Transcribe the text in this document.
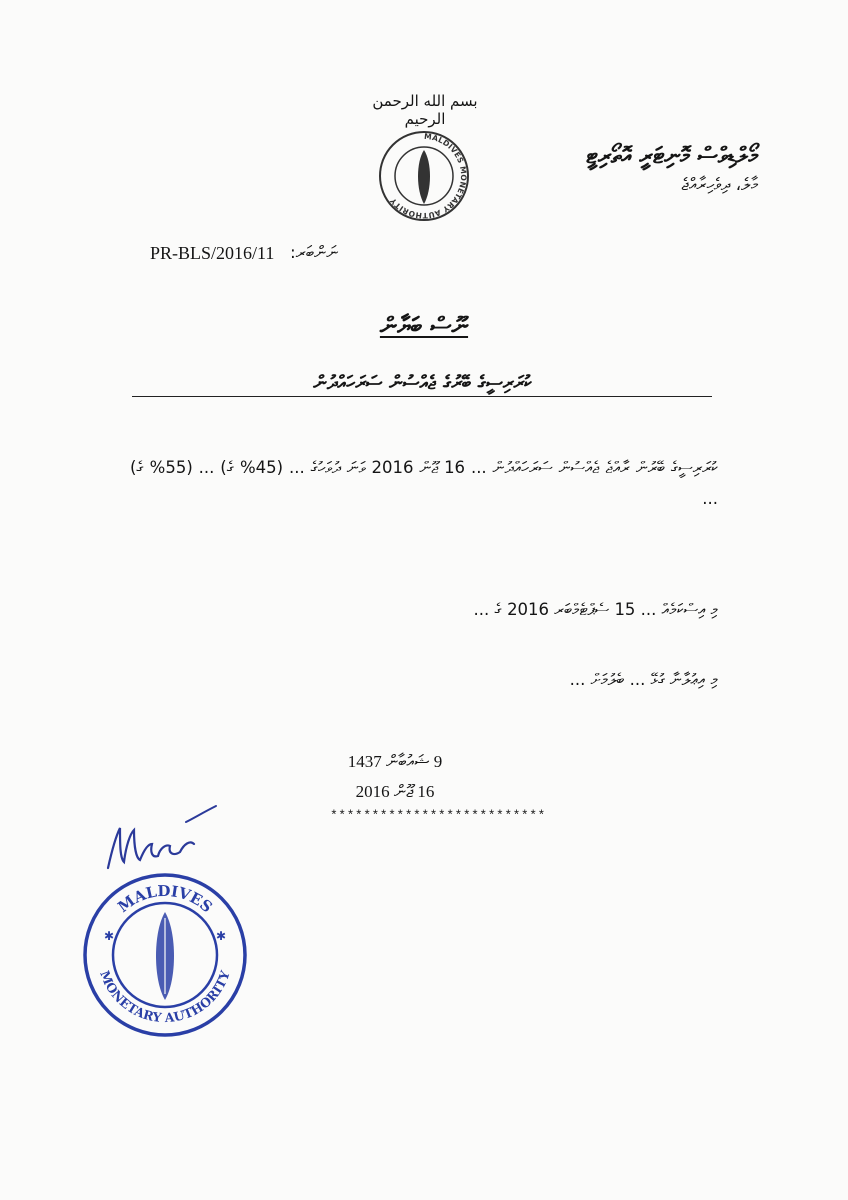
بسم الله الرحمن الرحيم
MALDIVES MONETARY AUTHORITY
މޯލްޑިވްސް މޮނިޓަރީ އޮތޯރިޓީ
މާލެ، ދިވެހިރާއްޖެ
PR-BLS/2016/11 ނަންބަރ:
ނޫސް ބަޔާން
ކުރަރިސީގެ ބޭރުގެ ޖެއްސުން ސަރަހައްދުން
ކުރަރިސީގެ ބޭރުން ރާއްޖެ ޖެއްސުން ސަރަހައްދުން ... 16 ޖޫން 2016 ވަނަ ދުވަހުގެ ... (45% ގެ) ... (55% ގެ) ...
މި އިސްކަމެއް ... 15 ސެޕްޓެމްބަރ 2016 ގެ ...
މި އިޢުލާނާ ގުޅޭ ... ބެލުމަށް ...
9 ޝައުބާން 1437
16 ޖޫން 2016
**************************
MALDIVES
MONETARY AUTHORITY
✱	✱
